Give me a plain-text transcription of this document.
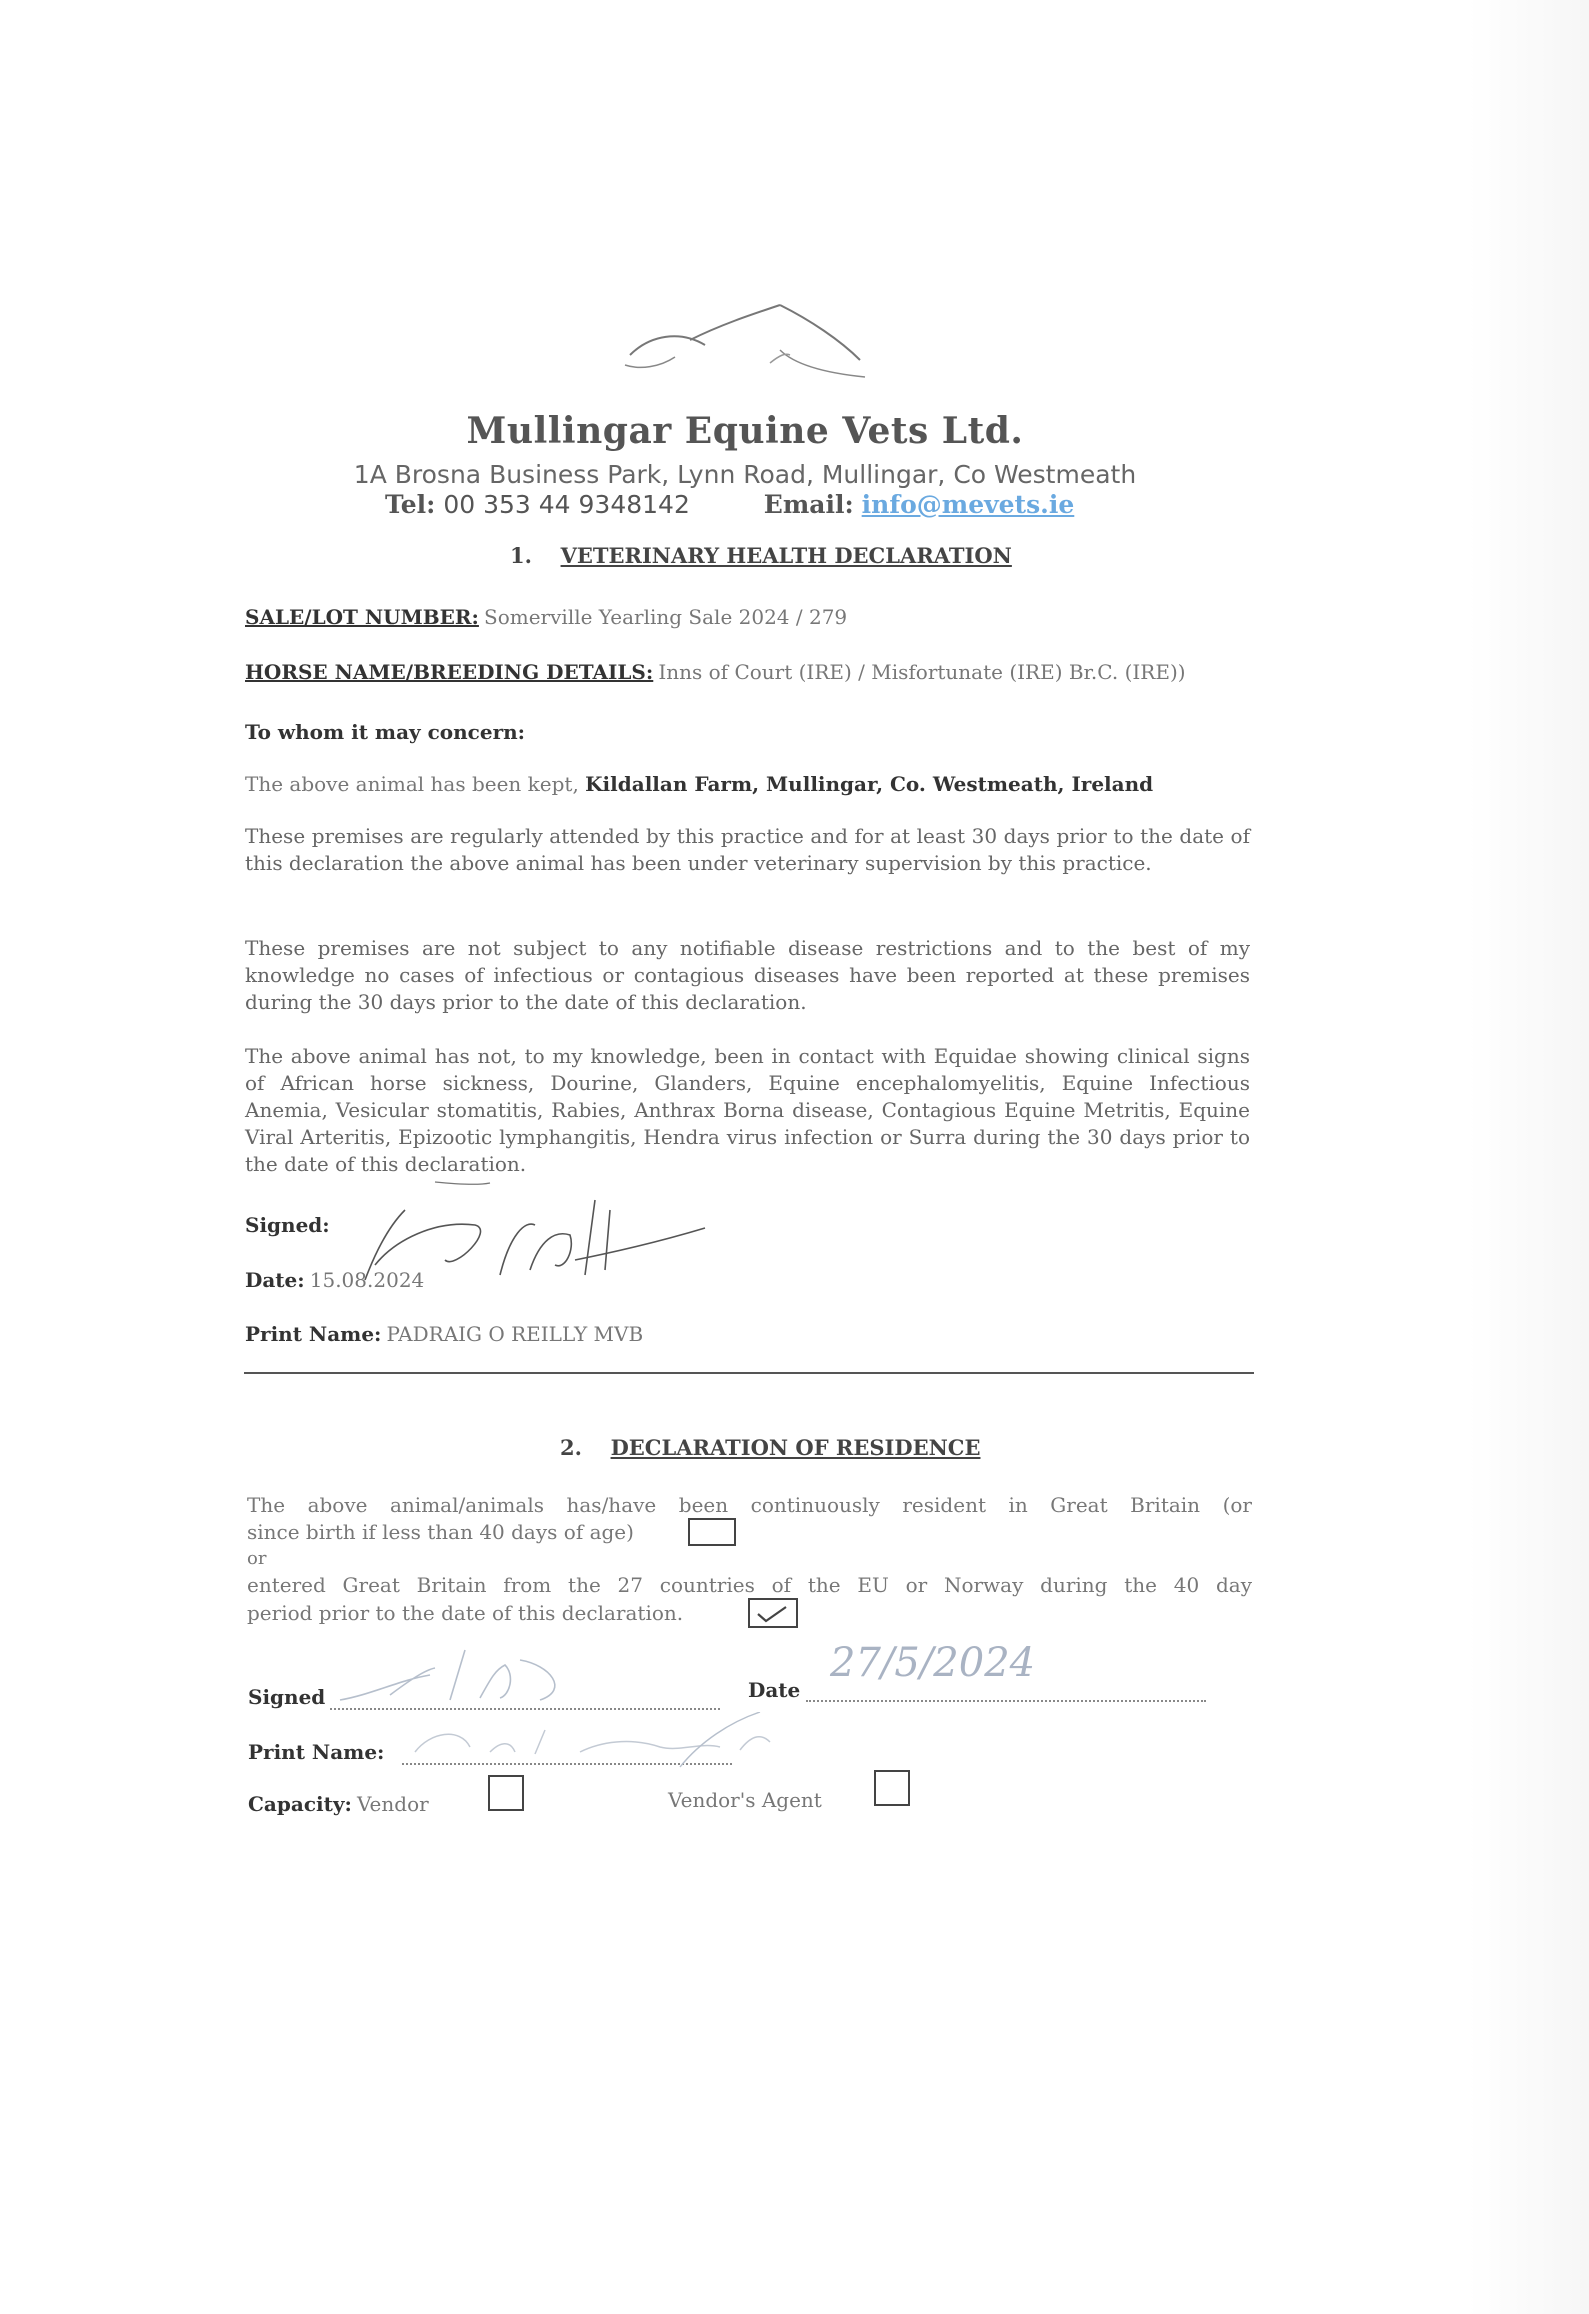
Mullingar Equine Vets Ltd.
1A Brosna Business Park, Lynn Road, Mullingar, Co Westmeath
Tel: 00 353 44 9348142	Email: info@mevets.ie
1. VETERINARY HEALTH DECLARATION
SALE/LOT NUMBER: Somerville Yearling Sale 2024 / 279
HORSE NAME/BREEDING DETAILS: Inns of Court (IRE) / Misfortunate (IRE) Br.C. (IRE))
To whom it may concern:
The above animal has been kept, Kildallan Farm, Mullingar, Co. Westmeath, Ireland
These premises are regularly attended by this practice and for at least 30 days prior to the date of this declaration the above animal has been under veterinary supervision by this practice.
These premises are not subject to any notifiable disease restrictions and to the best of my knowledge no cases of infectious or contagious diseases have been reported at these premises during the 30 days prior to the date of this declaration.
The above animal has not, to my knowledge, been in contact with Equidae showing clinical signs of African horse sickness, Dourine, Glanders, Equine encephalomyelitis, Equine Infectious Anemia, Vesicular stomatitis, Rabies, Anthrax Borna disease, Contagious Equine Metritis, Equine Viral Arteritis, Epizootic lymphangitis, Hendra virus infection or Surra during the 30 days prior to the date of this declaration.
Signed:
Date: 15.08.2024
Print Name: PADRAIG O REILLY MVB
2. DECLARATION OF RESIDENCE
The above animal/animals has/have been continuously resident in Great Britain (or
since birth if less than 40 days of age)
or
entered Great Britain from the 27 countries of the EU or Norway during the 40 day
period prior to the date of this declaration.
Signed	Date
27/5/2024
Print Name:
Capacity: Vendor	Vendor's Agent
